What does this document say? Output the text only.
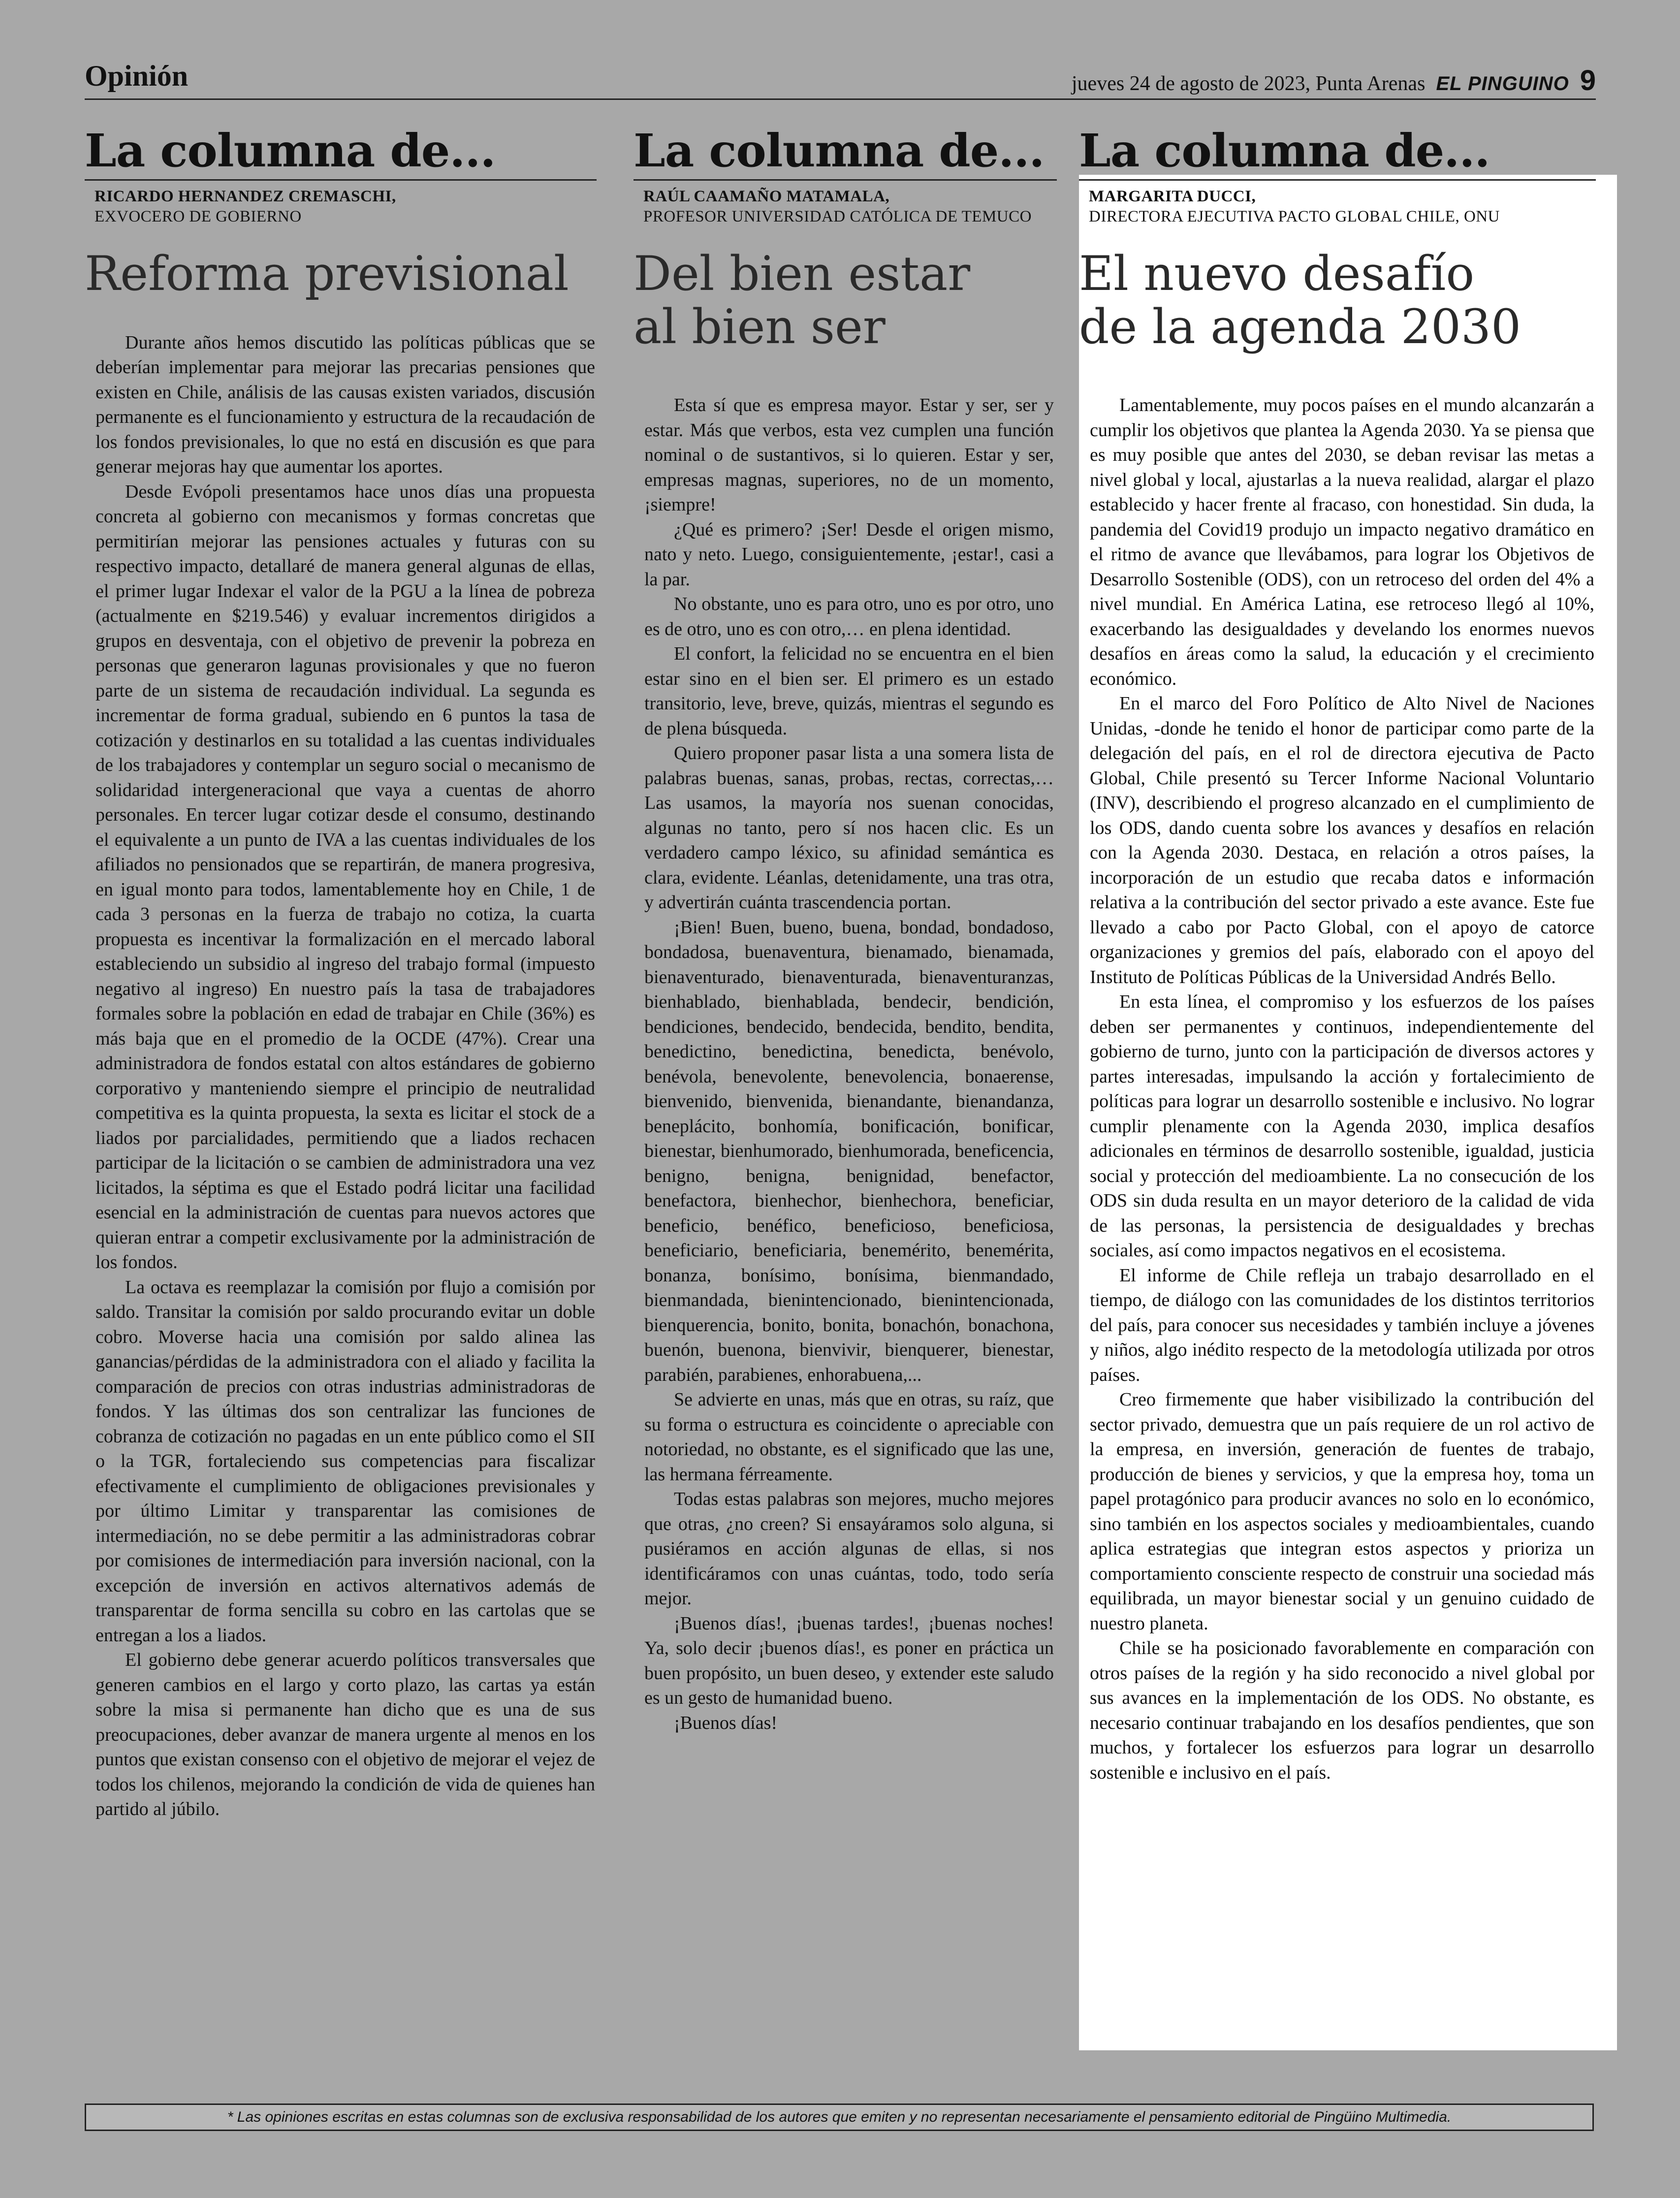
Opinión	jueves 24 de agosto de 2023, Punta Arenas EL PINGUINO 9
La columna de...
RICARDO HERNANDEZ CREMASCHI,
EXVOCERO DE GOBIERNO
Reforma previsional

Durante años hemos discutido las políticas públicas que se deberían implementar para mejorar las precarias pensiones que existen en Chile, análisis de las causas existen variados, discusión permanente es el funcionamiento y estructura de la recaudación de los fondos previsionales, lo que no está en discusión es que para generar mejoras hay que aumentar los aportes.

Desde Evópoli presentamos hace unos días una propuesta concreta al gobierno con mecanismos y formas concretas que permitirían mejorar las pensiones actuales y futuras con su respectivo impacto, detallaré de manera general algunas de ellas, el primer lugar Indexar el valor de la PGU a la línea de pobreza (actualmente en $219.546) y evaluar incrementos dirigidos a grupos en desventaja, con el objetivo de prevenir la pobreza en personas que generaron lagunas provisionales y que no fueron parte de un sistema de recaudación individual. La segunda es incrementar de forma gradual, subiendo en 6 puntos la tasa de cotización y destinarlos en su totalidad a las cuentas individuales de los trabajadores y contemplar un seguro social o mecanismo de solidaridad intergeneracional que vaya a cuentas de ahorro personales. En tercer lugar cotizar desde el consumo, destinando el equivalente a un punto de IVA a las cuentas individuales de los afiliados no pensionados que se repartirán, de manera progresiva, en igual monto para todos, lamentablemente hoy en Chile, 1 de cada 3 personas en la fuerza de trabajo no cotiza, la cuarta propuesta es incentivar la formalización en el mercado laboral estableciendo un subsidio al ingreso del trabajo formal (impuesto negativo al ingreso) En nuestro país la tasa de trabajadores formales sobre la población en edad de trabajar en Chile (36%) es más baja que en el promedio de la OCDE (47%). Crear una administradora de fondos estatal con altos estándares de gobierno corporativo y manteniendo siempre el principio de neutralidad competitiva es la quinta propuesta, la sexta es licitar el stock de a liados por parcialidades, permitiendo que a liados rechacen participar de la licitación o se cambien de administradora una vez licitados, la séptima es que el Estado podrá licitar una facilidad esencial en la administración de cuentas para nuevos actores que quieran entrar a competir exclusivamente por la administración de los fondos.

La octava es reemplazar la comisión por flujo a comisión por saldo. Transitar la comisión por saldo procurando evitar un doble cobro. Moverse hacia una comisión por saldo alinea las ganancias/pérdidas de la administradora con el aliado y facilita la comparación de precios con otras industrias administradoras de fondos. Y las últimas dos son centralizar las funciones de cobranza de cotización no pagadas en un ente público como el SII o la TGR, fortaleciendo sus competencias para fiscalizar efectivamente el cumplimiento de obligaciones previsionales y por último Limitar y transparentar las comisiones de intermediación, no se debe permitir a las administradoras cobrar por comisiones de intermediación para inversión nacional, con la excepción de inversión en activos alternativos además de transparentar de forma sencilla su cobro en las cartolas que se entregan a los a liados.

El gobierno debe generar acuerdo políticos transversales que generen cambios en el largo y corto plazo, las cartas ya están sobre la misa si permanente han dicho que es una de sus preocupaciones, deber avanzar de manera urgente al menos en los puntos que existan consenso con el objetivo de mejorar el vejez de todos los chilenos, mejorando la condición de vida de quienes han partido al júbilo.

La columna de...
RAÚL CAAMAÑO MATAMALA,
PROFESOR UNIVERSIDAD CATÓLICA DE TEMUCO
Del bien estar
al bien ser

Esta sí que es empresa mayor. Estar y ser, ser y estar. Más que verbos, esta vez cumplen una función nominal o de sustantivos, si lo quieren. Estar y ser, empresas magnas, superiores, no de un momento, ¡siempre!

¿Qué es primero? ¡Ser! Desde el origen mismo, nato y neto. Luego, consiguientemente, ¡estar!, casi a la par.

No obstante, uno es para otro, uno es por otro, uno es de otro, uno es con otro,… en plena identidad.

El confort, la felicidad no se encuentra en el bien estar sino en el bien ser. El primero es un estado transitorio, leve, breve, quizás, mientras el segundo es de plena búsqueda.

Quiero proponer pasar lista a una somera lista de palabras buenas, sanas, probas, rectas, correctas,… Las usamos, la mayoría nos suenan conocidas, algunas no tanto, pero sí nos hacen clic. Es un verdadero campo léxico, su afinidad semántica es clara, evidente. Léanlas, detenidamente, una tras otra, y advertirán cuánta trascendencia portan.

¡Bien! Buen, bueno, buena, bondad, bondadoso, bondadosa, buenaventura, bienamado, bienamada, bienaventurado, bienaventurada, bienaventuranzas, bienhablado, bienhablada, bendecir, bendición, bendiciones, bendecido, bendecida, bendito, bendita, benedictino, benedictina, benedicta, benévolo, benévola, benevolente, benevolencia, bonaerense, bienvenido, bienvenida, bienandante, bienandanza, beneplácito, bonhomía, bonificación, bonificar, bienestar, bienhumorado, bienhumorada, beneficencia, benigno, benigna, benignidad, benefactor, benefactora, bienhechor, bienhechora, beneficiar, beneficio, benéfico, beneficioso, beneficiosa, beneficiario, beneficiaria, benemérito, benemérita, bonanza, bonísimo, bonísima, bienmandado, bienmandada, bienintencionado, bienintencionada, bienquerencia, bonito, bonita, bonachón, bonachona, buenón, buenona, bienvivir, bienquerer, bienestar, parabién, parabienes, enhorabuena,...

Se advierte en unas, más que en otras, su raíz, que su forma o estructura es coincidente o apreciable con notoriedad, no obstante, es el significado que las une, las hermana férreamente.

Todas estas palabras son mejores, mucho mejores que otras, ¿no creen? Si ensayáramos solo alguna, si pusiéramos en acción algunas de ellas, si nos identificáramos con unas cuántas, todo, todo sería mejor.

¡Buenos días!, ¡buenas tardes!, ¡buenas noches! Ya, solo decir ¡buenos días!, es poner en práctica un buen propósito, un buen deseo, y extender este saludo es un gesto de humanidad bueno.

¡Buenos días!

La columna de...
MARGARITA DUCCI,
DIRECTORA EJECUTIVA PACTO GLOBAL CHILE, ONU
El nuevo desafío
de la agenda 2030

Lamentablemente, muy pocos países en el mundo alcanzarán a cumplir los objetivos que plantea la Agenda 2030. Ya se piensa que es muy posible que antes del 2030, se deban revisar las metas a nivel global y local, ajustarlas a la nueva realidad, alargar el plazo establecido y hacer frente al fracaso, con honestidad. Sin duda, la pandemia del Covid19 produjo un impacto negativo dramático en el ritmo de avance que llevábamos, para lograr los Objetivos de Desarrollo Sostenible (ODS), con un retroceso del orden del 4% a nivel mundial. En América Latina, ese retroceso llegó al 10%, exacerbando las desigualdades y develando los enormes nuevos desafíos en áreas como la salud, la educación y el crecimiento económico.

En el marco del Foro Político de Alto Nivel de Naciones Unidas, -donde he tenido el honor de participar como parte de la delegación del país, en el rol de directora ejecutiva de Pacto Global, Chile presentó su Tercer Informe Nacional Voluntario (INV), describiendo el progreso alcanzado en el cumplimiento de los ODS, dando cuenta sobre los avances y desafíos en relación con la Agenda 2030. Destaca, en relación a otros países, la incorporación de un estudio que recaba datos e información relativa a la contribución del sector privado a este avance. Este fue llevado a cabo por Pacto Global, con el apoyo de catorce organizaciones y gremios del país, elaborado con el apoyo del Instituto de Políticas Públicas de la Universidad Andrés Bello.

En esta línea, el compromiso y los esfuerzos de los países deben ser permanentes y continuos, independientemente del gobierno de turno, junto con la participación de diversos actores y partes interesadas, impulsando la acción y fortalecimiento de políticas para lograr un desarrollo sostenible e inclusivo. No lograr cumplir plenamente con la Agenda 2030, implica desafíos adicionales en términos de desarrollo sostenible, igualdad, justicia social y protección del medioambiente. La no consecución de los ODS sin duda resulta en un mayor deterioro de la calidad de vida de las personas, la persistencia de desigualdades y brechas sociales, así como impactos negativos en el ecosistema.

El informe de Chile refleja un trabajo desarrollado en el tiempo, de diálogo con las comunidades de los distintos territorios del país, para conocer sus necesidades y también incluye a jóvenes y niños, algo inédito respecto de la metodología utilizada por otros países.

Creo firmemente que haber visibilizado la contribución del sector privado, demuestra que un país requiere de un rol activo de la empresa, en inversión, generación de fuentes de trabajo, producción de bienes y servicios, y que la empresa hoy, toma un papel protagónico para producir avances no solo en lo económico, sino también en los aspectos sociales y medioambientales, cuando aplica estrategias que integran estos aspectos y prioriza un comportamiento consciente respecto de construir una sociedad más equilibrada, un mayor bienestar social y un genuino cuidado de nuestro planeta.

Chile se ha posicionado favorablemente en comparación con otros países de la región y ha sido reconocido a nivel global por sus avances en la implementación de los ODS. No obstante, es necesario continuar trabajando en los desafíos pendientes, que son muchos, y fortalecer los esfuerzos para lograr un desarrollo sostenible e inclusivo en el país.

* Las opiniones escritas en estas columnas son de exclusiva responsabilidad de los autores que emiten y no representan necesariamente el pensamiento editorial de Pingüino Multimedia.
